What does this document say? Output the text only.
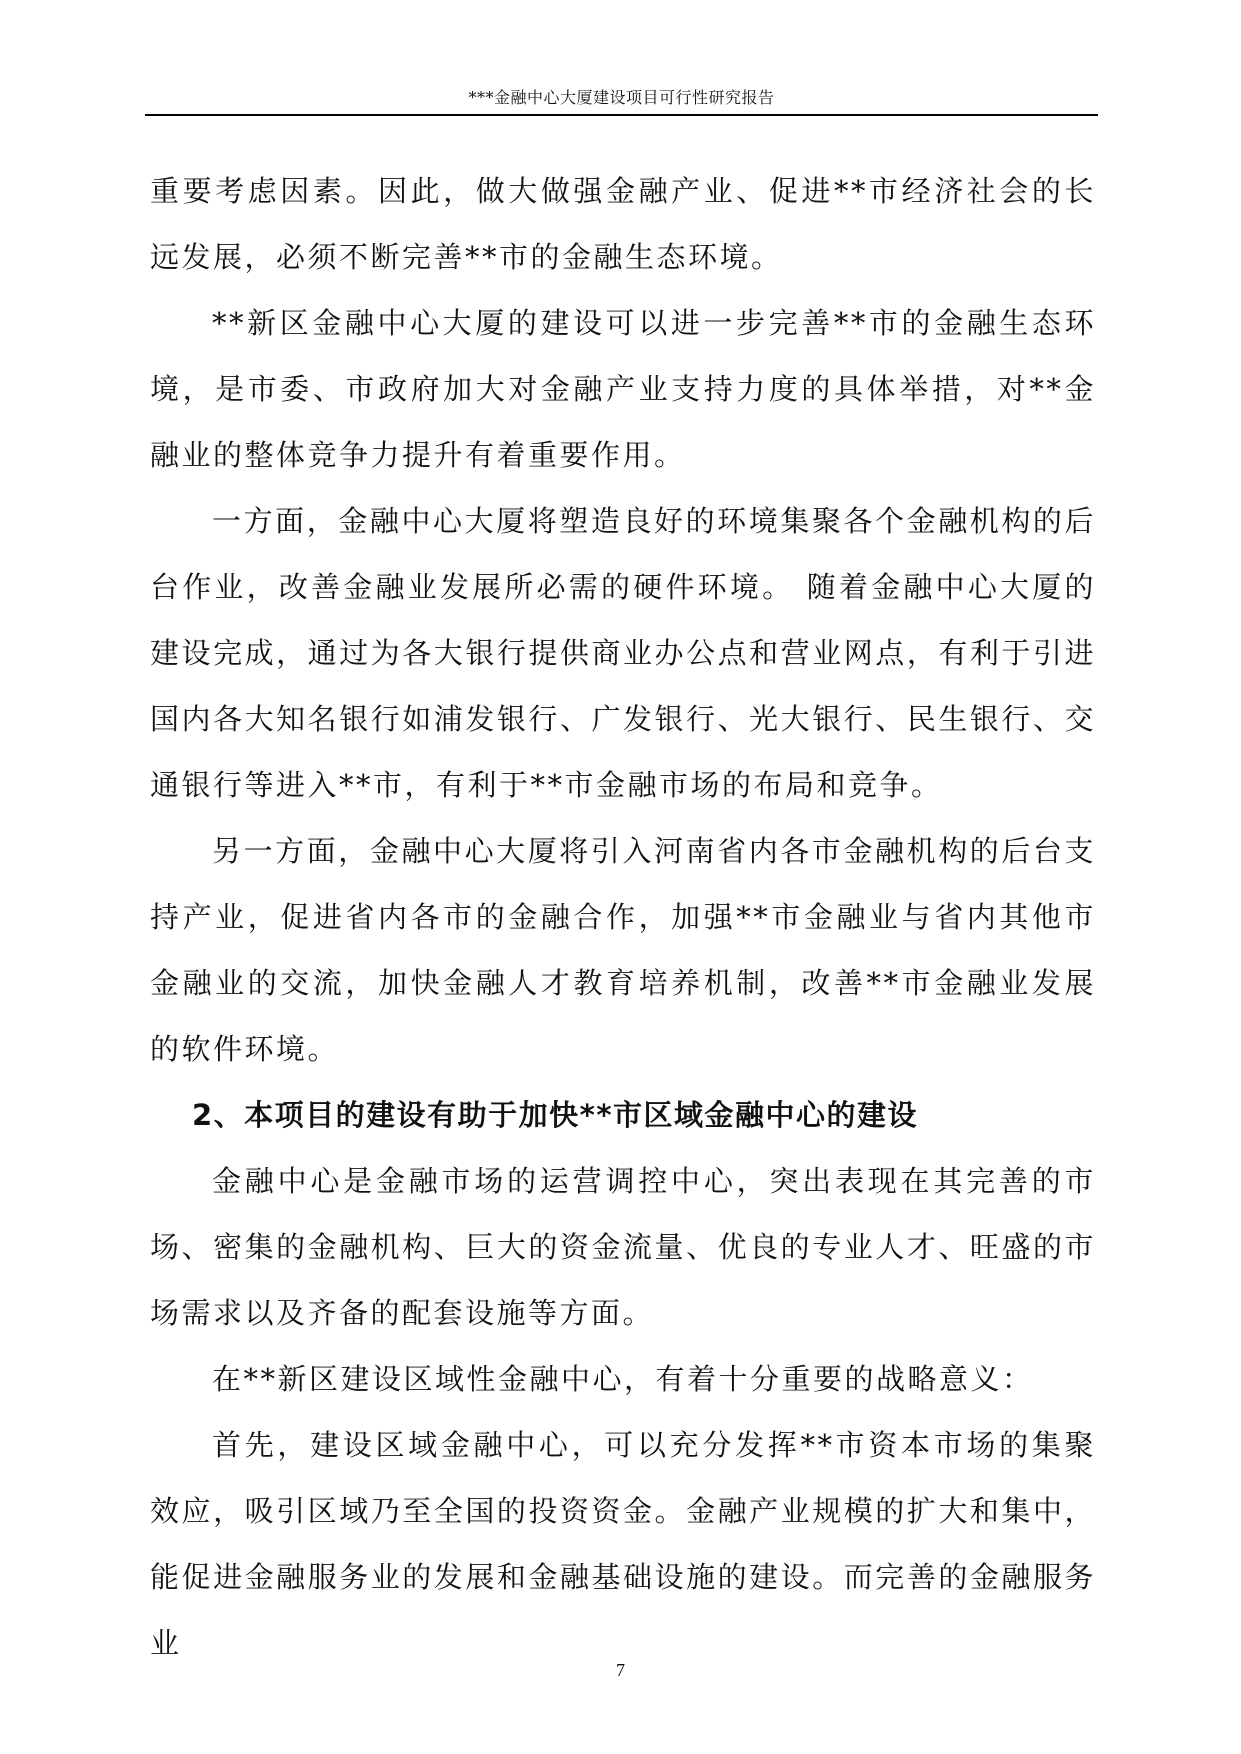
***金融中心大厦建设项目可行性研究报告

重要考虑因素。因此，做大做强金融产业、促进**市经济社会的长远发展，必须不断完善**市的金融生态环境。

**新区金融中心大厦的建设可以进一步完善**市的金融生态环境，是市委、市政府加大对金融产业支持力度的具体举措，对**金融业的整体竞争力提升有着重要作用。

一方面，金融中心大厦将塑造良好的环境集聚各个金融机构的后台作业，改善金融业发展所必需的硬件环境。 随着金融中心大厦的建设完成，通过为各大银行提供商业办公点和营业网点，有利于引进国内各大知名银行如浦发银行、广发银行、光大银行、民生银行、交通银行等进入**市，有利于**市金融市场的布局和竞争。

另一方面，金融中心大厦将引入河南省内各市金融机构的后台支持产业，促进省内各市的金融合作，加强**市金融业与省内其他市金融业的交流，加快金融人才教育培养机制，改善**市金融业发展的软件环境。

2、本项目的建设有助于加快**市区域金融中心的建设

金融中心是金融市场的运营调控中心，突出表现在其完善的市场、密集的金融机构、巨大的资金流量、优良的专业人才、旺盛的市场需求以及齐备的配套设施等方面。

在**新区建设区域性金融中心，有着十分重要的战略意义：

首先，建设区域金融中心，可以充分发挥**市资本市场的集聚效应，吸引区域乃至全国的投资资金。金融产业规模的扩大和集中，能促进金融服务业的发展和金融基础设施的建设。而完善的金融服务业

7
